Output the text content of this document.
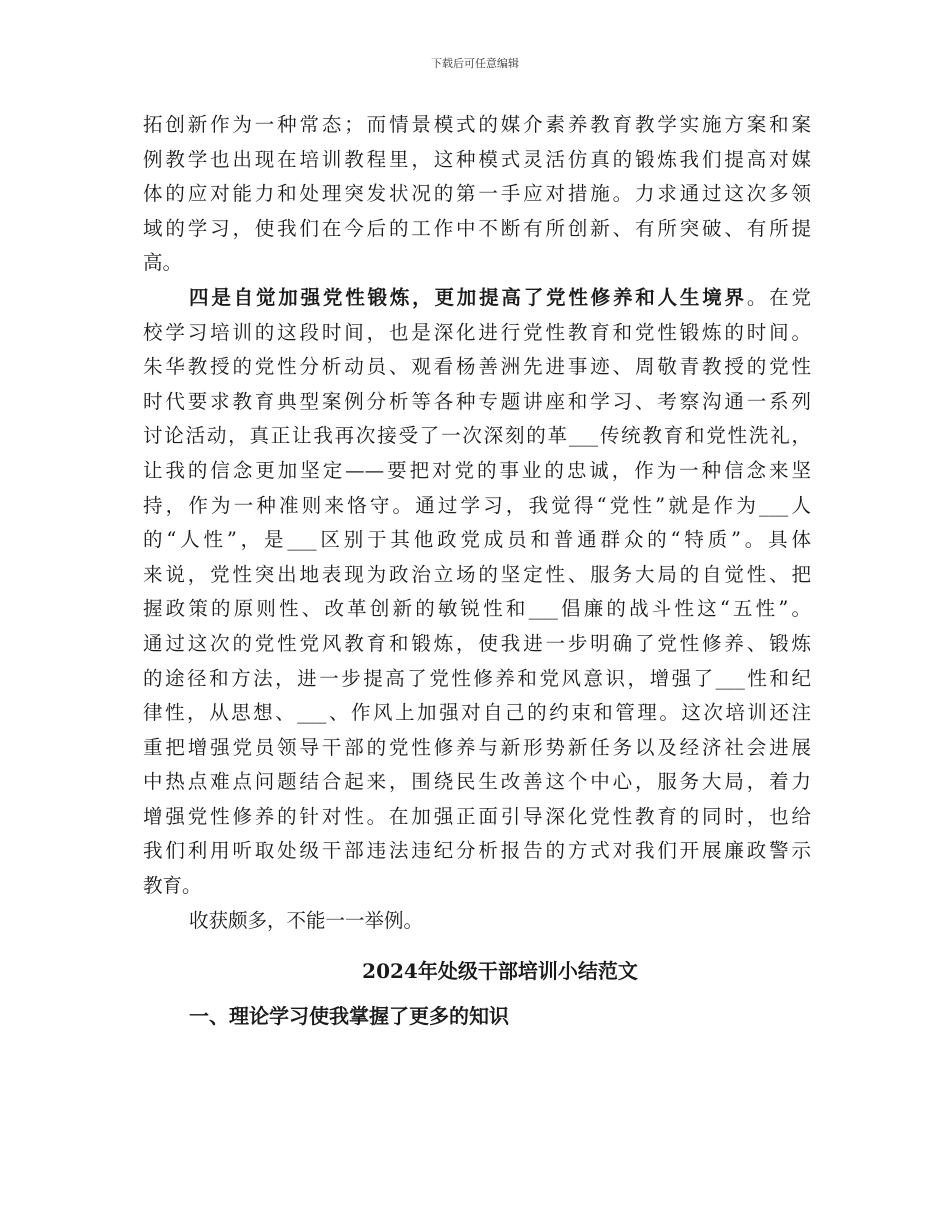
下载后可任意编辑
拓创新作为一种常态；而情景模式的媒介素养教育教学实施方案和案
例教学也出现在培训教程里，这种模式灵活仿真的锻炼我们提高对媒
体的应对能力和处理突发状况的第一手应对措施。力求通过这次多领
域的学习，使我们在今后的工作中不断有所创新、有所突破、有所提
高。
四是自觉加强党性锻炼，更加提高了党性修养和人生境界。在党
校学习培训的这段时间，也是深化进行党性教育和党性锻炼的时间。
朱华教授的党性分析动员、观看杨善洲先进事迹、周敬青教授的党性
时代要求教育典型案例分析等各种专题讲座和学习、考察沟通一系列
讨论活动，真正让我再次接受了一次深刻的革___传统教育和党性洗礼，
让我的信念更加坚定——要把对党的事业的忠诚，作为一种信念来坚
持，作为一种准则来恪守。通过学习，我觉得“党性”就是作为___人
的“人性”，是___区别于其他政党成员和普通群众的“特质”。具体
来说，党性突出地表现为政治立场的坚定性、服务大局的自觉性、把
握政策的原则性、改革创新的敏锐性和___倡廉的战斗性这“五性”。
通过这次的党性党风教育和锻炼，使我进一步明确了党性修养、锻炼
的途径和方法，进一步提高了党性修养和党风意识，增强了___性和纪
律性，从思想、___、作风上加强对自己的约束和管理。这次培训还注
重把增强党员领导干部的党性修养与新形势新任务以及经济社会进展
中热点难点问题结合起来，围绕民生改善这个中心，服务大局，着力
增强党性修养的针对性。在加强正面引导深化党性教育的同时，也给
我们利用听取处级干部违法违纪分析报告的方式对我们开展廉政警示
教育。
收获颇多，不能一一举例。
2024年处级干部培训小结范文
一、理论学习使我掌握了更多的知识
